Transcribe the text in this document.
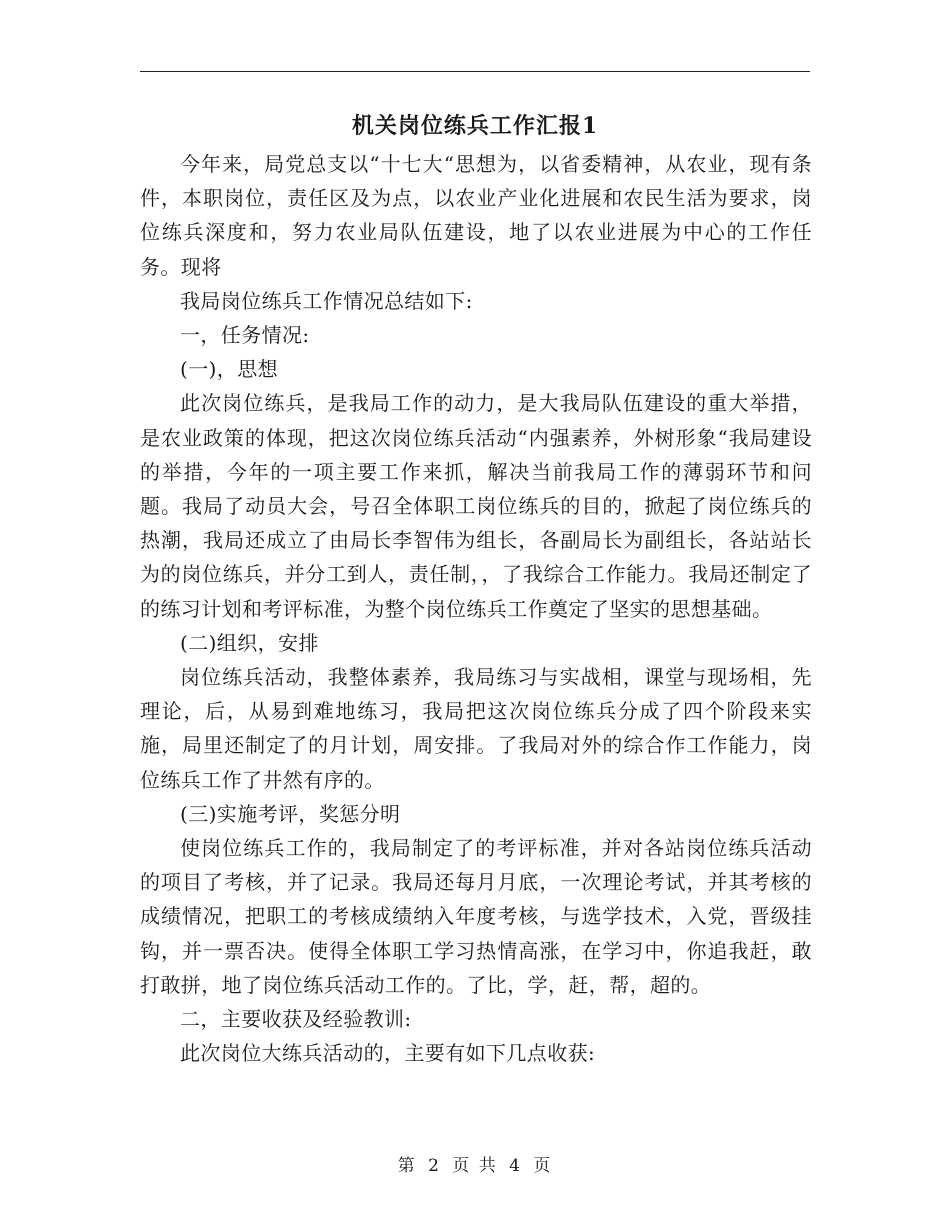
机关岗位练兵工作汇报1

今年来，局党总支以“十七大“思想为，以省委精神，从农业，现有条件，本职岗位，责任区及为点，以农业产业化进展和农民生活为要求，岗位练兵深度和，努力农业局队伍建设，地了以农业进展为中心的工作任务。现将

我局岗位练兵工作情况总结如下:

一，任务情况:

(一)，思想

此次岗位练兵，是我局工作的动力，是大我局队伍建设的重大举措，是农业政策的体现，把这次岗位练兵活动“内强素养，外树形象“我局建设的举措，今年的一项主要工作来抓，解决当前我局工作的薄弱环节和问题。我局了动员大会，号召全体职工岗位练兵的目的，掀起了岗位练兵的热潮，我局还成立了由局长李智伟为组长，各副局长为副组长，各站站长为的岗位练兵，并分工到人，责任制，，了我综合工作能力。我局还制定了的练习计划和考评标准，为整个岗位练兵工作奠定了坚实的思想基础。

(二)组织，安排

岗位练兵活动，我整体素养，我局练习与实战相，课堂与现场相，先理论，后，从易到难地练习，我局把这次岗位练兵分成了四个阶段来实施，局里还制定了的月计划，周安排。了我局对外的综合作工作能力，岗位练兵工作了井然有序的。

(三)实施考评，奖惩分明

使岗位练兵工作的，我局制定了的考评标准，并对各站岗位练兵活动的项目了考核，并了记录。我局还每月月底，一次理论考试，并其考核的成绩情况，把职工的考核成绩纳入年度考核，与选学技术，入党，晋级挂钩，并一票否决。使得全体职工学习热情高涨，在学习中，你追我赶，敢打敢拼，地了岗位练兵活动工作的。了比，学，赶，帮，超的。

二，主要收获及经验教训:

此次岗位大练兵活动的，主要有如下几点收获:

第 2 页 共 4 页
